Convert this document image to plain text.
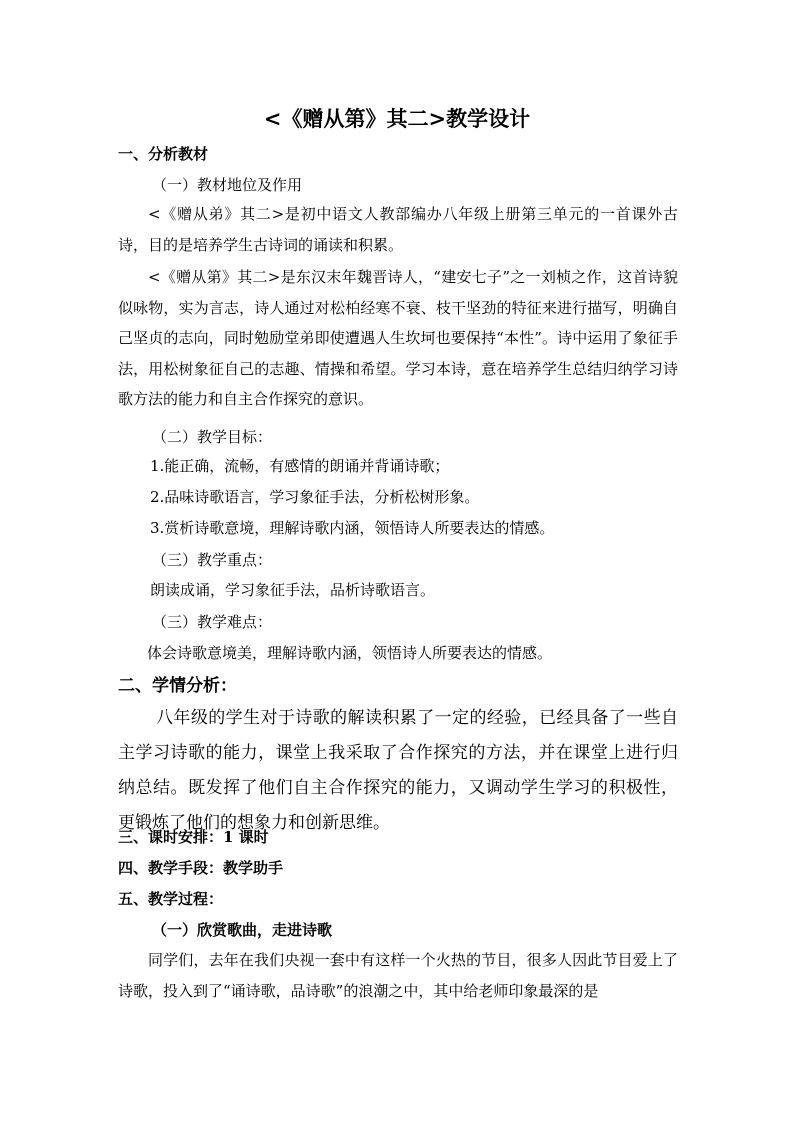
<《赠从第》其二>教学设计
一、分析教材
（一）教材地位及作用
<《赠从弟》其二>是初中语文人教部编办八年级上册第三单元的一首课外古诗，目的是培养学生古诗词的诵读和积累。
<《赠从第》其二>是东汉末年魏晋诗人，“建安七子”之一刘桢之作，这首诗貌似咏物，实为言志，诗人通过对松柏经寒不衰、枝干坚劲的特征来进行描写，明确自己坚贞的志向，同时勉励堂弟即使遭遇人生坎坷也要保持“本性”。诗中运用了象征手法，用松树象征自己的志趣、情操和希望。学习本诗，意在培养学生总结归纳学习诗歌方法的能力和自主合作探究的意识。
（二）教学目标：
1.能正确，流畅，有感情的朗诵并背诵诗歌；
2.品味诗歌语言，学习象征手法，分析松树形象。
3.赏析诗歌意境，理解诗歌内涵，领悟诗人所要表达的情感。
（三）教学重点：
朗读成诵，学习象征手法，品析诗歌语言。
（三）教学难点：
体会诗歌意境美，理解诗歌内涵，领悟诗人所要表达的情感。
二、学情分析：
八年级的学生对于诗歌的解读积累了一定的经验，已经具备了一些自主学习诗歌的能力，课堂上我采取了合作探究的方法，并在课堂上进行归纳总结。既发挥了他们自主合作探究的能力，又调动学生学习的积极性，更锻炼了他们的想象力和创新思维。
三、课时安排：1 课时
四、教学手段：教学助手
五、教学过程：
（一）欣赏歌曲，走进诗歌
同学们，去年在我们央视一套中有这样一个火热的节目，很多人因此节目爱上了诗歌，投入到了“诵诗歌，品诗歌”的浪潮之中，其中给老师印象最深的是
